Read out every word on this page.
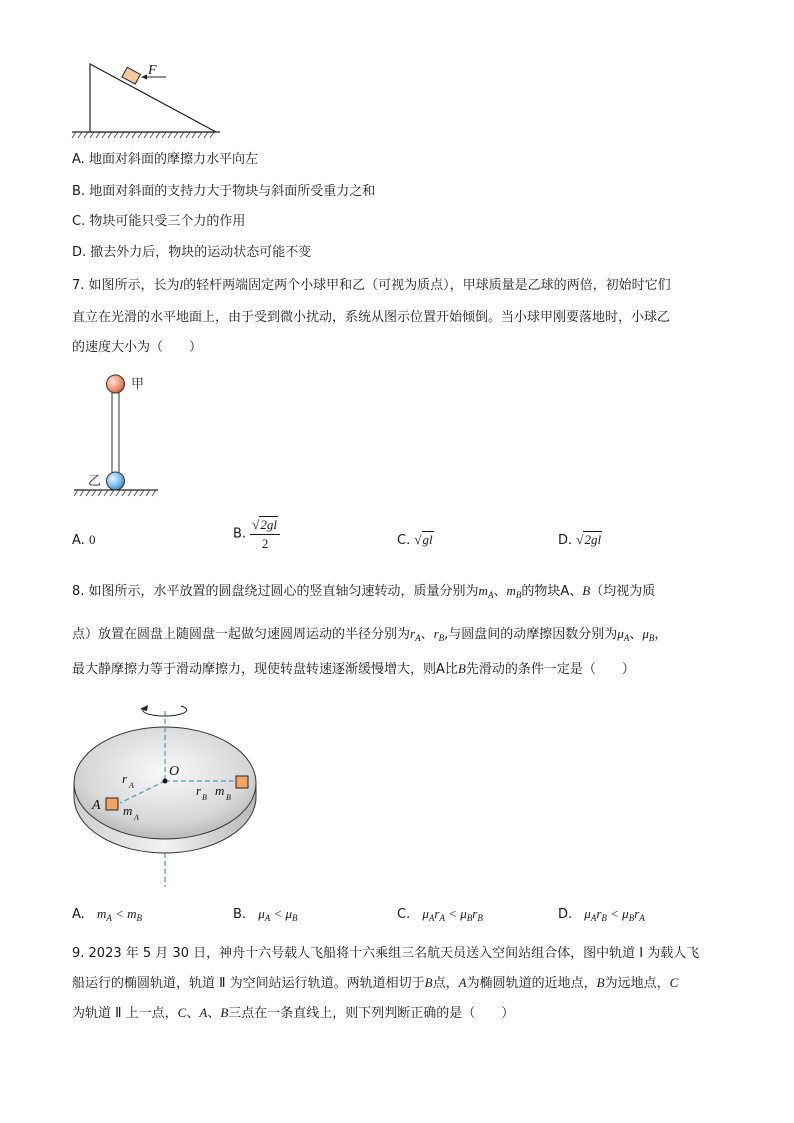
F
A. 地面对斜面的摩擦力水平向左
B. 地面对斜面的支持力大于物块与斜面所受重力之和
C. 物块可能只受三个力的作用
D. 撤去外力后，物块的运动状态可能不变
7. 如图所示，长为l的轻杆两端固定两个小球甲和乙（可视为质点），甲球质量是乙球的两倍，初始时它们
直立在光滑的水平地面上，由于受到微小扰动，系统从图示位置开始倾倒。当小球甲刚要落地时，小球乙
的速度大小为（　　）
甲
乙
A. 0	B. $\frac{√2gl}{2}$	C. √gl	D. √2gl
8. 如图所示，水平放置的圆盘绕过圆心的竖直轴匀速转动，质量分别为$m_A$、$m_B$的物块A、B（均视为质
点）放置在圆盘上随圆盘一起做匀速圆周运动的半径分别为$r_A$、$r_B$,与圆盘间的动摩擦因数分别为$\mu_A$、$\mu_B$，
最大静摩擦力等于滑动摩擦力，现使转盘转速逐渐缓慢增大，则A比B先滑动的条件一定是（　　）
O
A
r A
m A
r B m B
A. $m_A < m_B$	B. $\mu_A < \mu_B$	C. $\mu_Ar_A < \mu_Br_B$	D. $\mu_Ar_B < \mu_Br_A$
9. 2023 年 5 月 30 日，神舟十六号载人飞船将十六乘组三名航天员送入空间站组合体，图中轨道 Ⅰ 为载人飞
船运行的椭圆轨道，轨道 Ⅱ 为空间站运行轨道。两轨道相切于B点，A为椭圆轨道的近地点，B为远地点，C
为轨道 Ⅱ 上一点，C、A、B三点在一条直线上，则下列判断正确的是（　　）
